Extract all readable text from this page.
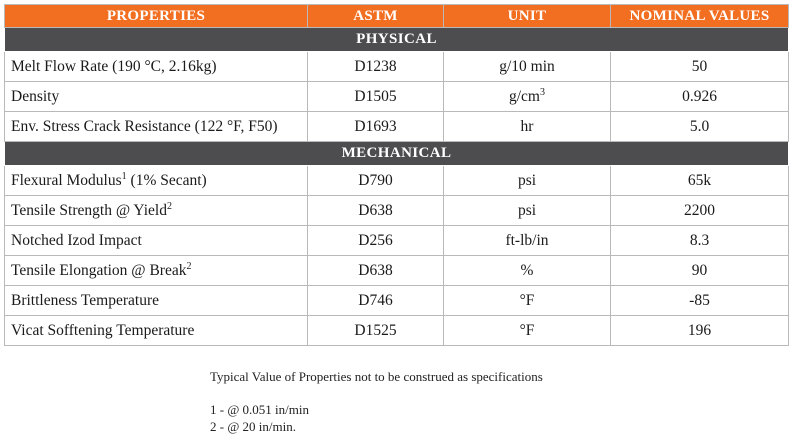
PROPERTIES	ASTM	UNIT	NOMINAL VALUES
PHYSICAL			
Melt Flow Rate (190 °C, 2.16kg)	D1238	g/10 min	50
Density	D1505	$g/cm^3$	0.926
Env. Stress Crack Resistance (122 °F, F50)	D1693	hr	5.0
MECHANICAL			
Flexural Modulus$^1$ (1% Secant)	D790	psi	65k
Tensile Strength @ Yield$^2$	D638	psi	2200
Notched Izod Impact	D256	ft-lb/in	8.3
Tensile Elongation @ Break$^2$	D638	%	90
Brittleness Temperature	D746	°F	-85
Vicat Sofftening Temperature	D1525	°F	196
Typical Value of Properties not to be construed as specifications
1 - @ 0.051 in/min
2 - @ 20 in/min.
